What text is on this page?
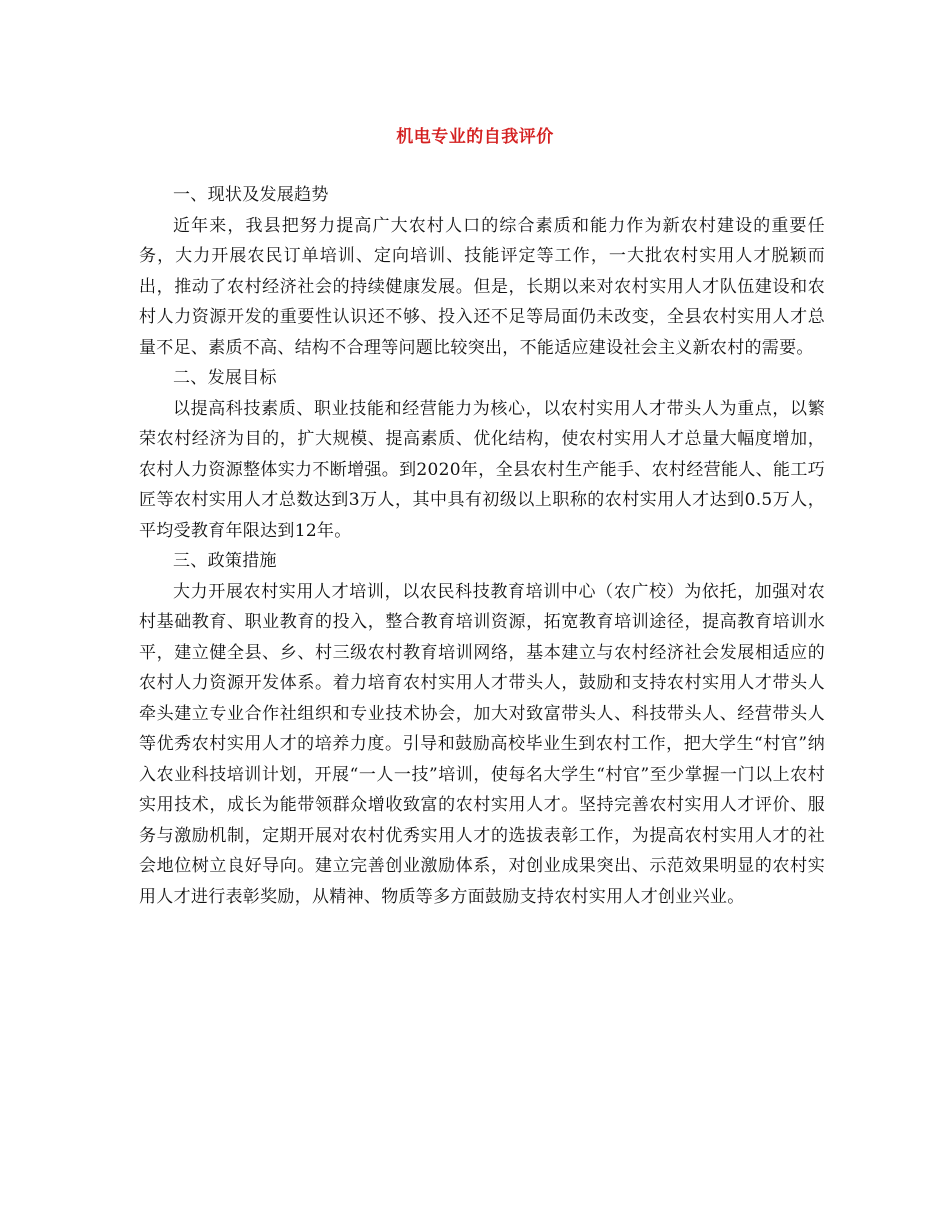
机电专业的自我评价

一、现状及发展趋势

近年来，我县把努力提高广大农村人口的综合素质和能力作为新农村建设的重要任务，大力开展农民订单培训、定向培训、技能评定等工作，一大批农村实用人才脱颖而出，推动了农村经济社会的持续健康发展。但是，长期以来对农村实用人才队伍建设和农村人力资源开发的重要性认识还不够、投入还不足等局面仍未改变，全县农村实用人才总量不足、素质不高、结构不合理等问题比较突出，不能适应建设社会主义新农村的需要。

二、发展目标

以提高科技素质、职业技能和经营能力为核心，以农村实用人才带头人为重点，以繁荣农村经济为目的，扩大规模、提高素质、优化结构，使农村实用人才总量大幅度增加，农村人力资源整体实力不断增强。到2020年，全县农村生产能手、农村经营能人、能工巧匠等农村实用人才总数达到3万人，其中具有初级以上职称的农村实用人才达到0.5万人，平均受教育年限达到12年。

三、政策措施

大力开展农村实用人才培训，以农民科技教育培训中心（农广校）为依托，加强对农村基础教育、职业教育的投入，整合教育培训资源，拓宽教育培训途径，提高教育培训水平，建立健全县、乡、村三级农村教育培训网络，基本建立与农村经济社会发展相适应的农村人力资源开发体系。着力培育农村实用人才带头人，鼓励和支持农村实用人才带头人牵头建立专业合作社组织和专业技术协会，加大对致富带头人、科技带头人、经营带头人等优秀农村实用人才的培养力度。引导和鼓励高校毕业生到农村工作，把大学生“村官”纳入农业科技培训计划，开展“一人一技”培训，使每名大学生“村官”至少掌握一门以上农村实用技术，成长为能带领群众增收致富的农村实用人才。坚持完善农村实用人才评价、服务与激励机制，定期开展对农村优秀实用人才的选拔表彰工作，为提高农村实用人才的社会地位树立良好导向。建立完善创业激励体系，对创业成果突出、示范效果明显的农村实用人才进行表彰奖励，从精神、物质等多方面鼓励支持农村实用人才创业兴业。
